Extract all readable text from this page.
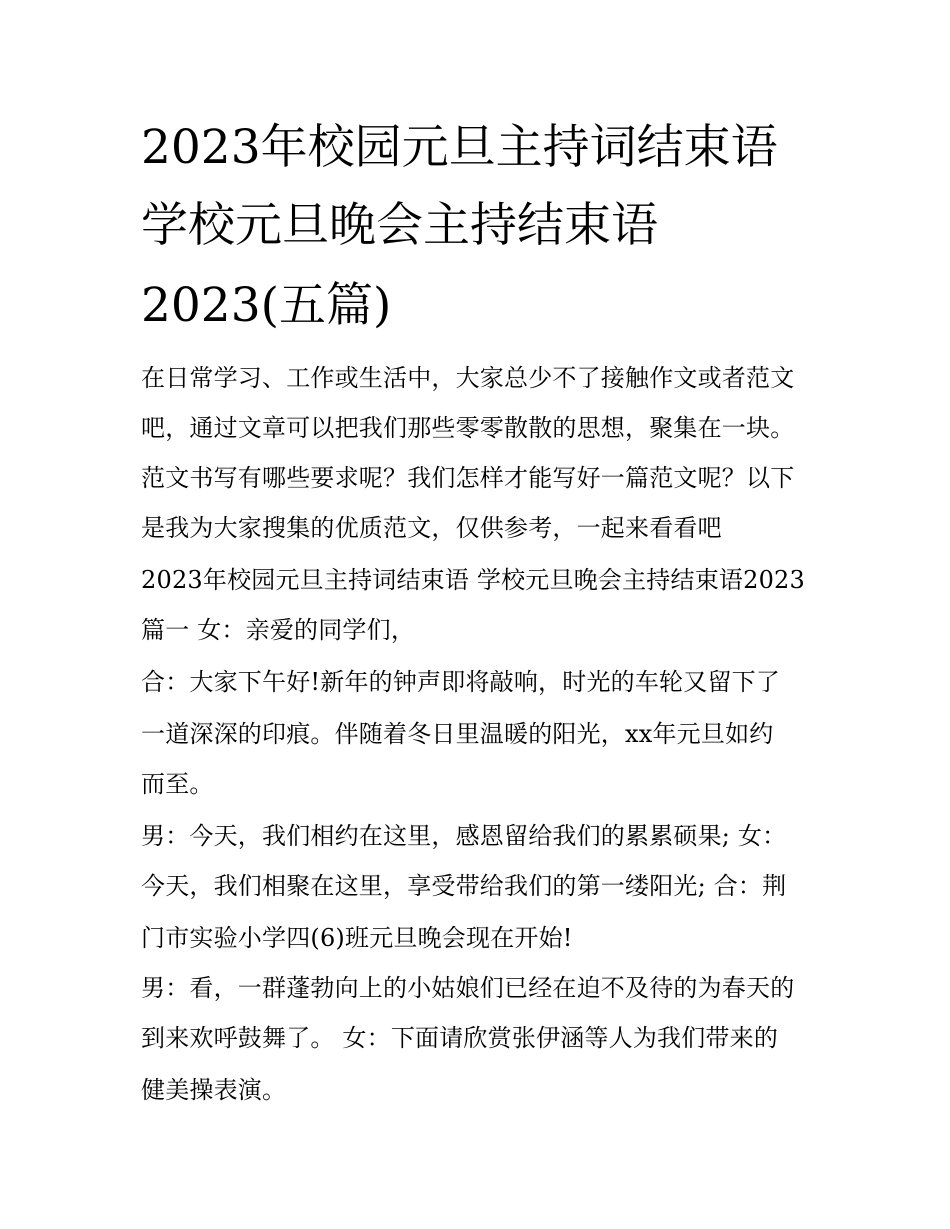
2023年校园元旦主持词结束语
学校元旦晚会主持结束语
2023(五篇)
在日常学习、工作或生活中，大家总少不了接触作文或者范文
吧，通过文章可以把我们那些零零散散的思想，聚集在一块。
范文书写有哪些要求呢？我们怎样才能写好一篇范文呢？以下
是我为大家搜集的优质范文，仅供参考，一起来看看吧
2023年校园元旦主持词结束语 学校元旦晚会主持结束语2023
篇一 女：亲爱的同学们，
合：大家下午好!新年的钟声即将敲响，时光的车轮又留下了
一道深深的印痕。伴随着冬日里温暖的阳光，xx年元旦如约
而至。
男：今天，我们相约在这里，感恩留给我们的累累硕果; 女：
今天，我们相聚在这里，享受带给我们的第一缕阳光; 合：荆
门市实验小学四(6)班元旦晚会现在开始!
男：看，一群蓬勃向上的小姑娘们已经在迫不及待的为春天的
到来欢呼鼓舞了。 女：下面请欣赏张伊涵等人为我们带来的
健美操表演。
